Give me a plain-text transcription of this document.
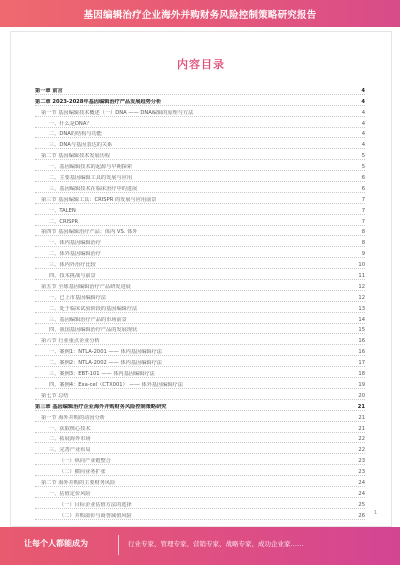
基因编辑治疗企业海外并购财务风险控制策略研究报告
内容目录
第一章 前言	4
第二章 2023-2028年基因编辑治疗产品发展趋势分析	4
第一节 基因编辑技术概述（一）DNA —— DNA编辑的原理与方法	4
一、什么是DNA？	4
二、DNA的结构与功能	4
三、DNA与基因表达的关系	4
第二节 基因编辑技术发展历程	5
一、基因编辑技术的起源与早期探索	5
二、主要基因编辑工具的发展与应用	6
三、基因编辑技术在临床治疗中的进展	6
第三节 基因编辑工具：CRISPR 的发展与应用前景	7
一、TALEN	7
二、CRISPR	7
第四节 基因编辑治疗产品：体内 VS. 体外	8
一、体内基因编辑治疗	8
二、体外基因编辑治疗	9
三、体内外治疗比较	10
四、技术挑战与前景	11
第五节 全球基因编辑治疗产品研发进展	12
一、已上市基因编辑疗法	12
二、处于临床试验阶段的基因编辑疗法	13
三、基因编辑治疗产品的市场前景	14
四、我国基因编辑治疗产品的发展现状	15
第六节 行业重点企业分析	16
一、案例1：NTLA-2001 —— 体内基因编辑疗法	16
二、案例2：NTLA-2002 —— 体内基因编辑疗法	17
三、案例3：EBT-101 —— 体内基因编辑疗法	18
四、案例4：Exa-cel（CTX001） —— 体外基因编辑疗法	19
第七节 总结	20
第三章 基因编辑治疗企业海外并购财务风险控制策略研究	21
第一节 海外并购的动因分析	21
一、获取核心技术	21
二、拓展海外市场	22
三、完善产业布局	22
（一）纵向产业链整合	23
（二）横向业务扩张	23
第二节 海外并购的主要财务风险	24
一、估值定价风险	24
（一）目标企业估值方法的选择	25
（二）并购溢价与商誉减值风险	26 1
让每个人都能成为	行业专家、管理专家、营销专家、战略专家、成功企业家……
